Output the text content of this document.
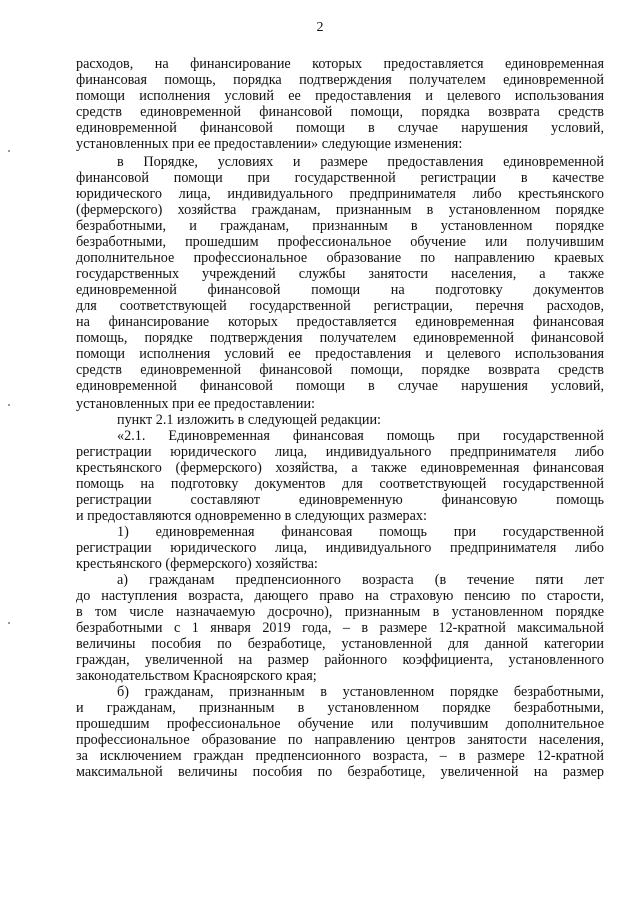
2
расходов, на финансирование которых предоставляется единовременная
финансовая помощь, порядка подтверждения получателем единовременной
помощи исполнения условий ее предоставления и целевого использования
средств единовременной финансовой помощи, порядка возврата средств
единовременной финансовой помощи в случае нарушения условий,
установленных при ее предоставлении» следующие изменения:
в Порядке, условиях и размере предоставления единовременной
финансовой помощи при государственной регистрации в качестве
юридического лица, индивидуального предпринимателя либо крестьянского
(фермерского) хозяйства гражданам, признанным в установленном порядке
безработными, и гражданам, признанным в установленном порядке
безработными, прошедшим профессиональное обучение или получившим
дополнительное профессиональное образование по направлению краевых
государственных учреждений службы занятости населения, а также
единовременной финансовой помощи на подготовку документов
для соответствующей государственной регистрации, перечня расходов,
на финансирование которых предоставляется единовременная финансовая
помощь, порядке подтверждения получателем единовременной финансовой
помощи исполнения условий ее предоставления и целевого использования
средств единовременной финансовой помощи, порядке возврата средств
единовременной финансовой помощи в случае нарушения условий,
установленных при ее предоставлении:
пункт 2.1 изложить в следующей редакции:
«2.1. Единовременная финансовая помощь при государственной
регистрации юридического лица, индивидуального предпринимателя либо
крестьянского (фермерского) хозяйства, а также единовременная финансовая
помощь на подготовку документов для соответствующей государственной
регистрации составляют единовременную финансовую помощь
и предоставляются одновременно в следующих размерах:
1) единовременная финансовая помощь при государственной
регистрации юридического лица, индивидуального предпринимателя либо
крестьянского (фермерского) хозяйства:
а) гражданам предпенсионного возраста (в течение пяти лет
до наступления возраста, дающего право на страховую пенсию по старости,
в том числе назначаемую досрочно), признанным в установленном порядке
безработными с 1 января 2019 года, – в размере 12-кратной максимальной
величины пособия по безработице, установленной для данной категории
граждан, увеличенной на размер районного коэффициента, установленного
законодательством Красноярского края;
б) гражданам, признанным в установленном порядке безработными,
и гражданам, признанным в установленном порядке безработными,
прошедшим профессиональное обучение или получившим дополнительное
профессиональное образование по направлению центров занятости населения,
за исключением граждан предпенсионного возраста, – в размере 12-кратной
максимальной величины пособия по безработице, увеличенной на размер
